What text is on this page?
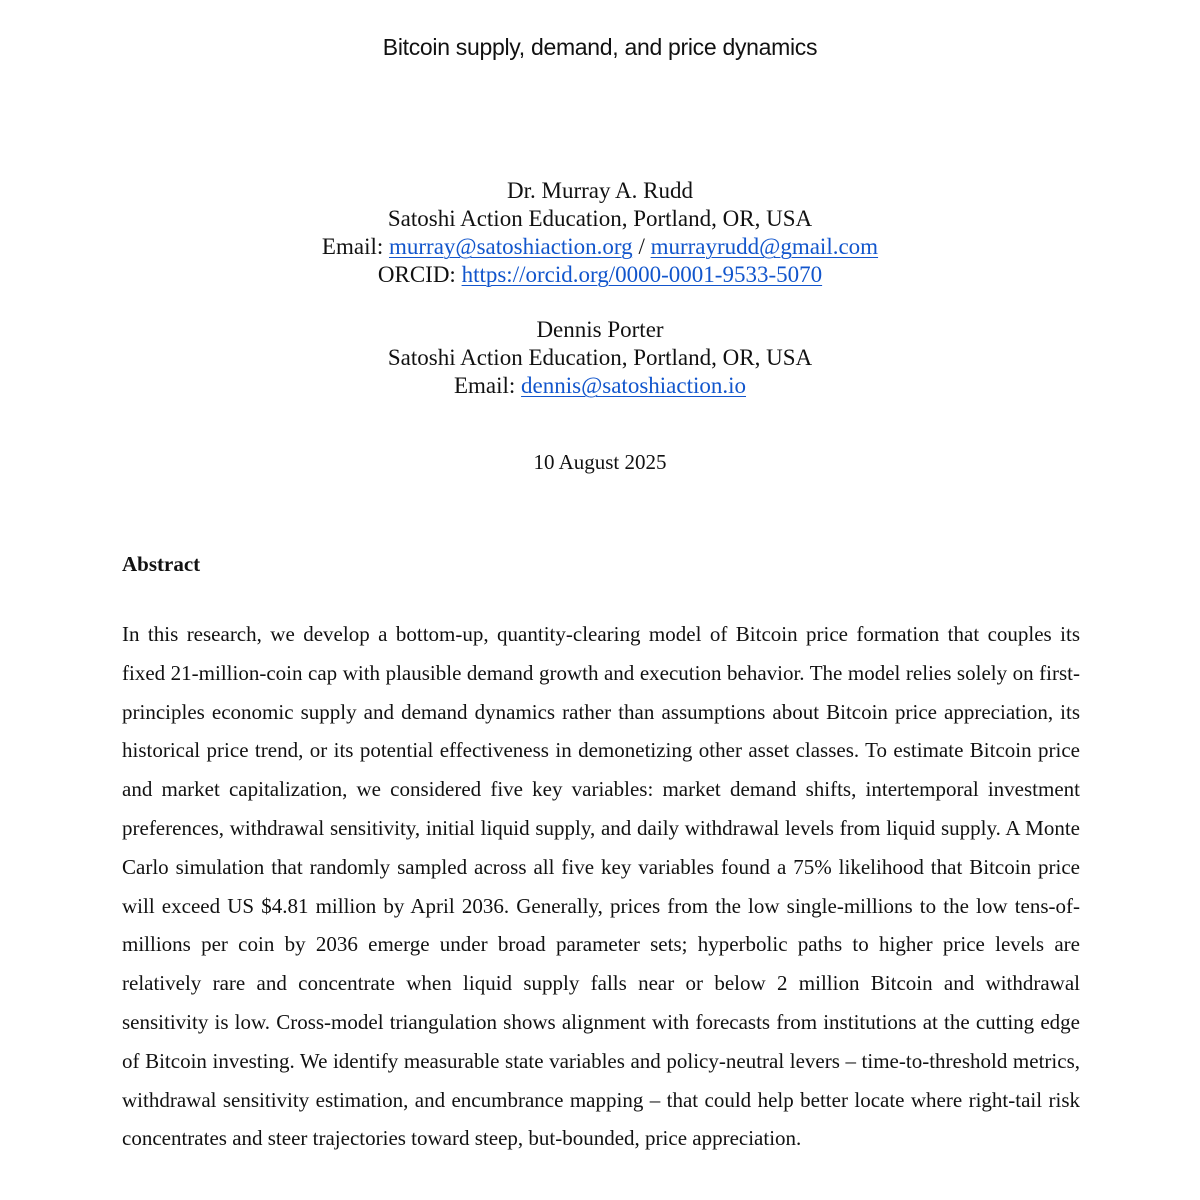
Bitcoin supply, demand, and price dynamics
Dr. Murray A. Rudd
Satoshi Action Education, Portland, OR, USA
Email: murray@satoshiaction.org / murrayrudd@gmail.com
ORCID: https://orcid.org/0000-0001-9533-5070
Dennis Porter
Satoshi Action Education, Portland, OR, USA
Email: dennis@satoshiaction.io
10 August 2025
Abstract
In this research, we develop a bottom-up, quantity-clearing model of Bitcoin price formation that couples its fixed 21-million-coin cap with plausible demand growth and execution behavior. The model relies solely on first-principles economic supply and demand dynamics rather than assumptions about Bitcoin price appreciation, its historical price trend, or its potential effectiveness in demonetizing other asset classes. To estimate Bitcoin price and market capitalization, we considered five key variables: market demand shifts, intertemporal investment preferences, withdrawal sensitivity, initial liquid supply, and daily withdrawal levels from liquid supply. A Monte Carlo simulation that randomly sampled across all five key variables found a 75% likelihood that Bitcoin price will exceed US $4.81 million by April 2036. Generally, prices from the low single-millions to the low tens-of-millions per coin by 2036 emerge under broad parameter sets; hyperbolic paths to higher price levels are relatively rare and concentrate when liquid supply falls near or below 2 million Bitcoin and withdrawal sensitivity is low. Cross-model triangulation shows alignment with forecasts from institutions at the cutting edge of Bitcoin investing. We identify measurable state variables and policy-neutral levers – time-to-threshold metrics, withdrawal sensitivity estimation, and encumbrance mapping – that could help better locate where right-tail risk concentrates and steer trajectories toward steep, but-bounded, price appreciation.
